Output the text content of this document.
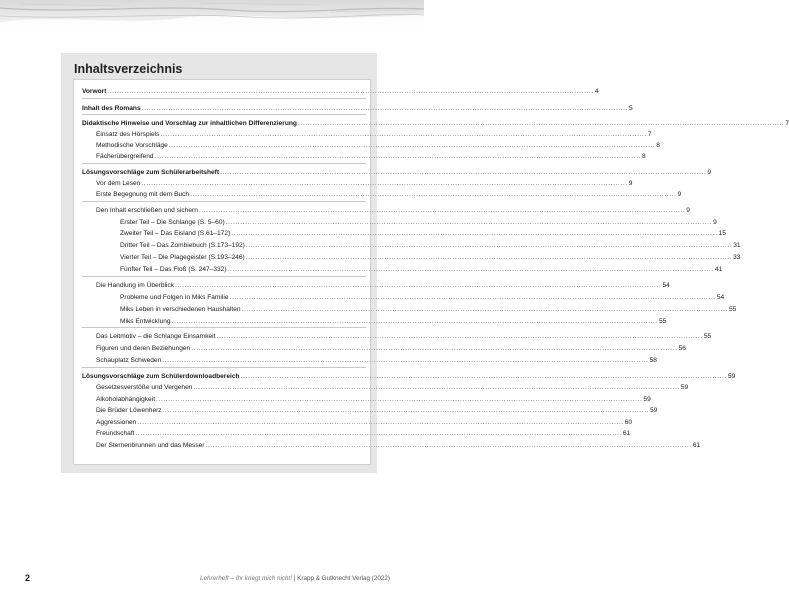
Inhaltsverzeichnis
Vorwort ........................................................................................................................................................................................................ 4
Inhalt des Romans ........................................................................................................................................................................................................ 5
Didaktische Hinweise und Vorschlag zur inhaltlichen Differenzierung ........................................................................................................................................................................................................ 7
Einsatz des Hörspiels ........................................................................................................................................................................................................ 7
Methodische Vorschläge ........................................................................................................................................................................................................ 8
Fächerübergreifend ........................................................................................................................................................................................................ 8
Lösungsvorschläge zum Schülerarbeitsheft ........................................................................................................................................................................................................ 9
Vor dem Lesen ........................................................................................................................................................................................................ 9
Erste Begegnung mit dem Buch ........................................................................................................................................................................................................ 9
Den Inhalt erschließen und sichern ........................................................................................................................................................................................................ 9
Erster Teil – Die Schlange (S. 5–60) ........................................................................................................................................................................................................ 9
Zweiter Teil – Das Eisland (S.61–172) ........................................................................................................................................................................................................ 15
Dritter Teil – Das Zombiebuch (S.173–192) ........................................................................................................................................................................................................ 31
Vierter Teil – Die Plagegeister (S.193–246) ........................................................................................................................................................................................................ 33
Fünfter Teil – Das Floß (S. 247–332) ........................................................................................................................................................................................................ 41
Die Handlung im Überblick ........................................................................................................................................................................................................ 54
Probleme und Folgen in Miks Familie ........................................................................................................................................................................................................ 54
Miks Leben in verschiedenen Haushalten ........................................................................................................................................................................................................ 55
Miks Entwicklung ........................................................................................................................................................................................................ 55
Das Leitmotiv – die Schlange Einsamkeit ........................................................................................................................................................................................................ 55
Figuren und deren Beziehungen ........................................................................................................................................................................................................ 56
Schauplatz Schweden ........................................................................................................................................................................................................ 58
Lösungsvorschläge zum Schülerdownloadbereich ........................................................................................................................................................................................................ 59
Gesetzesverstöße und Vergehen ........................................................................................................................................................................................................ 59
Alkoholabhängigkeit ........................................................................................................................................................................................................ 59
Die Brüder Löwenherz ........................................................................................................................................................................................................ 59
Aggressionen ........................................................................................................................................................................................................ 60
Freundschaft ........................................................................................................................................................................................................ 61
Der Sternenbrunnen und das Messer ........................................................................................................................................................................................................ 61
2	Lehrerheft – Ihr kriegt mich nicht! | Krapp & Gutknecht Verlag (2022)
